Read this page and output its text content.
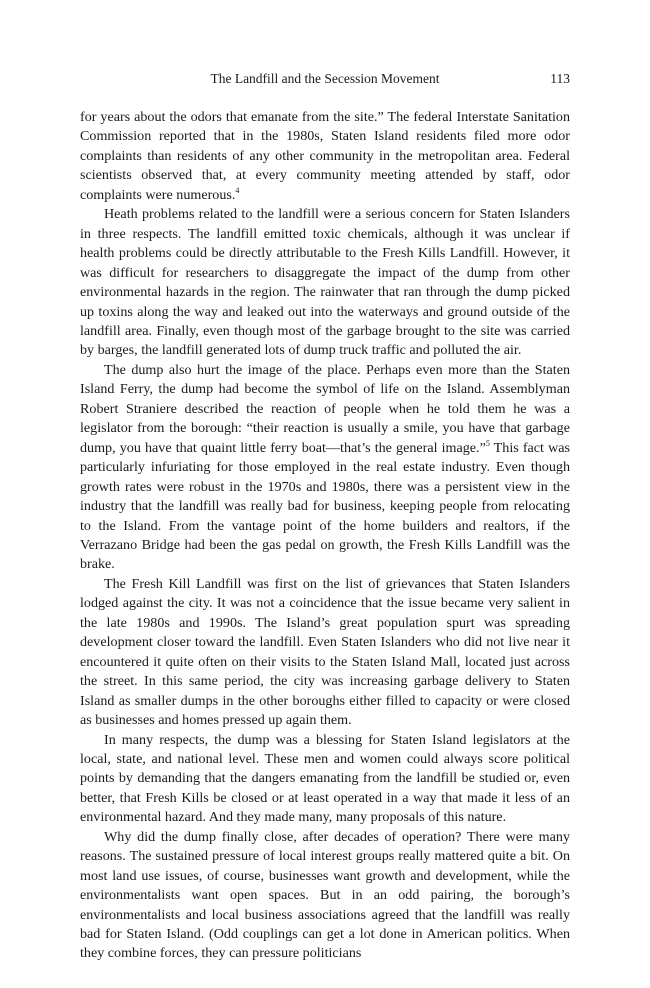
The Landfill and the Secession Movement	113

for years about the odors that emanate from the site.” The federal Interstate Sanitation Commission reported that in the 1980s, Staten Island residents filed more odor complaints than residents of any other community in the metropolitan area. Federal scientists observed that, at every community meeting attended by staff, odor complaints were numerous.$^4$

Heath problems related to the landfill were a serious concern for Staten Islanders in three respects. The landfill emitted toxic chemicals, although it was unclear if health problems could be directly attributable to the Fresh Kills Landfill. However, it was difficult for researchers to disaggregate the impact of the dump from other environmental hazards in the region. The rainwater that ran through the dump picked up toxins along the way and leaked out into the waterways and ground outside of the landfill area. Finally, even though most of the garbage brought to the site was carried by barges, the landfill generated lots of dump truck traffic and polluted the air.

The dump also hurt the image of the place. Perhaps even more than the Staten Island Ferry, the dump had become the symbol of life on the Island. Assemblyman Robert Straniere described the reaction of people when he told them he was a legislator from the borough: “their reaction is usually a smile, you have that garbage dump, you have that quaint little ferry boat—that’s the general image.”$^5$ This fact was particularly infuriating for those employed in the real estate industry. Even though growth rates were robust in the 1970s and 1980s, there was a persistent view in the industry that the landfill was really bad for business, keeping people from relocating to the Island. From the vantage point of the home builders and realtors, if the Verrazano Bridge had been the gas pedal on growth, the Fresh Kills Landfill was the brake.

The Fresh Kill Landfill was first on the list of grievances that Staten Islanders lodged against the city. It was not a coincidence that the issue became very salient in the late 1980s and 1990s. The Island’s great population spurt was spreading development closer toward the landfill. Even Staten Islanders who did not live near it encountered it quite often on their visits to the Staten Island Mall, located just across the street. In this same period, the city was increasing garbage delivery to Staten Island as smaller dumps in the other boroughs either filled to capacity or were closed as businesses and homes pressed up again them.

In many respects, the dump was a blessing for Staten Island legislators at the local, state, and national level. These men and women could always score political points by demanding that the dangers emanating from the landfill be studied or, even better, that Fresh Kills be closed or at least operated in a way that made it less of an environmental hazard. And they made many, many proposals of this nature.

Why did the dump finally close, after decades of operation? There were many reasons. The sustained pressure of local interest groups really mattered quite a bit. On most land use issues, of course, businesses want growth and development, while the environmentalists want open spaces. But in an odd pairing, the borough’s environmentalists and local business associations agreed that the landfill was really bad for Staten Island. (Odd couplings can get a lot done in American politics. When they combine forces, they can pressure politicians
